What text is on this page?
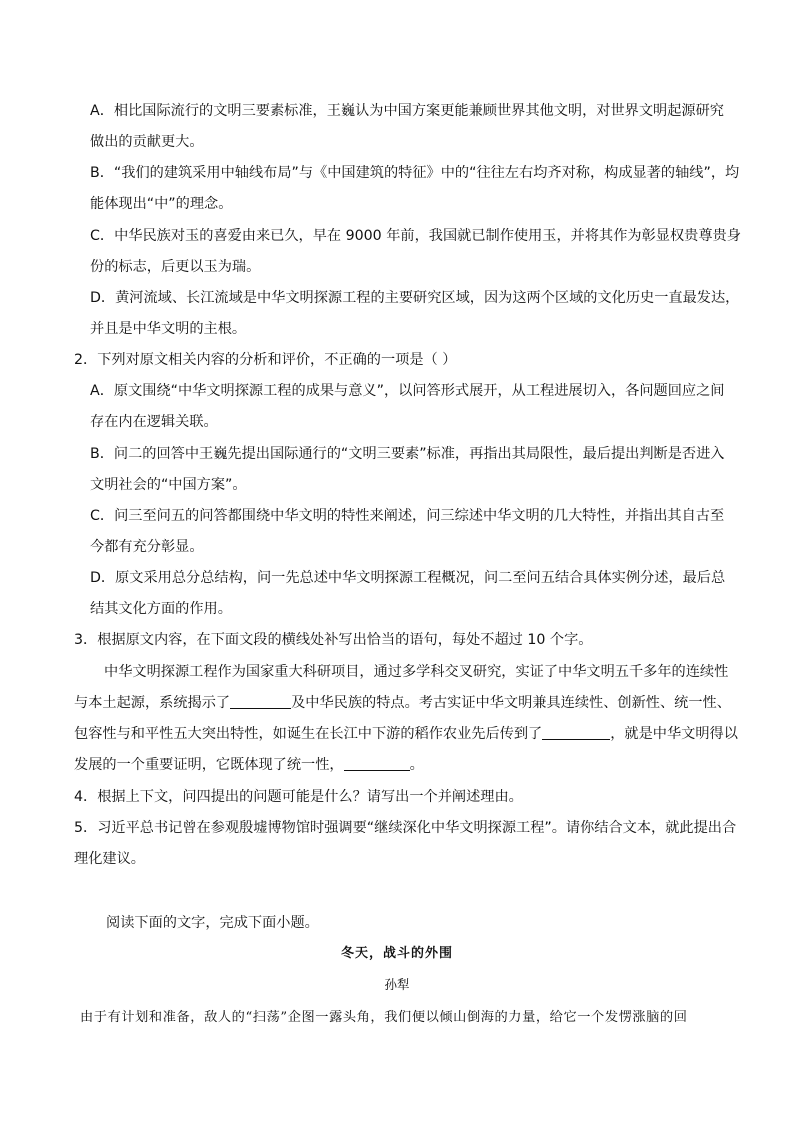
A．相比国际流行的文明三要素标准，王巍认为中国方案更能兼顾世界其他文明，对世界文明起源研究
做出的贡献更大。
B．“我们的建筑采用中轴线布局”与《中国建筑的特征》中的“往往左右均齐对称，构成显著的轴线”，均
能体现出“中”的理念。
C．中华民族对玉的喜爱由来已久，早在 9000 年前，我国就已制作使用玉，并将其作为彰显权贵尊贵身
份的标志，后更以玉为瑞。
D．黄河流域、长江流域是中华文明探源工程的主要研究区域，因为这两个区域的文化历史一直最发达，
并且是中华文明的主根。
2．下列对原文相关内容的分析和评价，不正确的一项是（ ）
A．原文围绕“中华文明探源工程的成果与意义”，以问答形式展开，从工程进展切入，各问题回应之间
存在内在逻辑关联。
B．问二的回答中王巍先提出国际通行的“文明三要素”标准，再指出其局限性，最后提出判断是否进入
文明社会的“中国方案”。
C．问三至问五的问答都围绕中华文明的特性来阐述，问三综述中华文明的几大特性，并指出其自古至
今都有充分彰显。
D．原文采用总分总结构，问一先总述中华文明探源工程概况，问二至问五结合具体实例分述，最后总
结其文化方面的作用。
3．根据原文内容，在下面文段的横线处补写出恰当的语句，每处不超过 10 个字。
中华文明探源工程作为国家重大科研项目，通过多学科交叉研究，实证了中华文明五千多年的连续性
与本土起源，系统揭示了	及中华民族的特点。考古实证中华文明兼具连续性、创新性、统一性、
包容性与和平性五大突出特性，如诞生在长江中下游的稻作农业先后传到了	，就是中华文明得以
发展的一个重要证明，它既体现了统一性，	。
4．根据上下文，问四提出的问题可能是什么？请写出一个并阐述理由。
5．习近平总书记曾在参观殷墟博物馆时强调要“继续深化中华文明探源工程”。请你结合文本，就此提出合
理化建议。
阅读下面的文字，完成下面小题。
冬天，战斗的外围
孙犁
由于有计划和准备，敌人的“扫荡”企图一露头角，我们便以倾山倒海的力量，给它一个发愣涨脑的回
